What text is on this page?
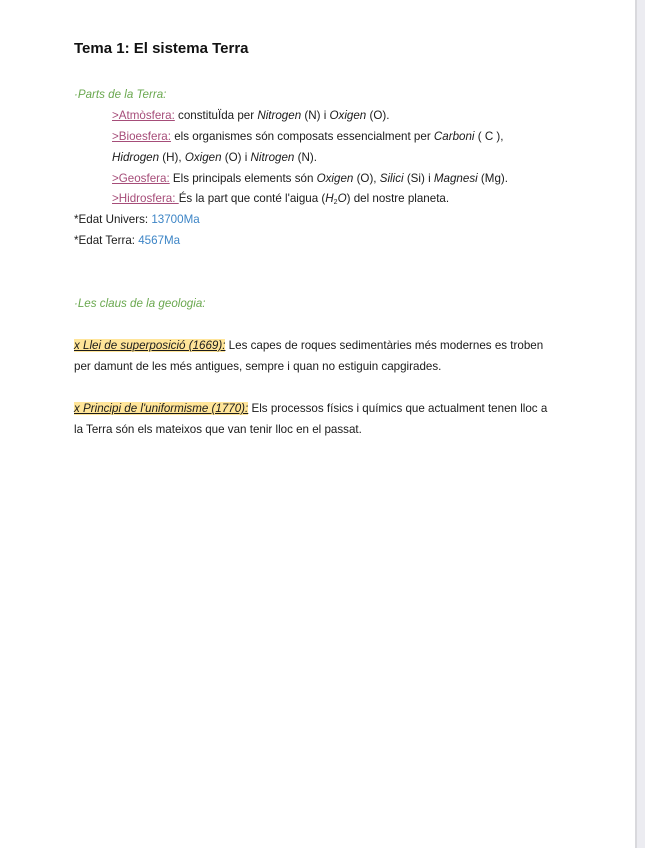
Tema 1: El sistema Terra
·Parts de la Terra:
>Atmòsfera: constituÏda per Nitrogen (N) i Oxigen (O).
>Bioesfera: els organismes són composats essencialment per Carboni ( C ),
Hidrogen (H), Oxigen (O) i Nitrogen (N).
>Geosfera: Els principals elements són Oxigen (O), Silici (Si) i Magnesi (Mg).
>Hidrosfera: És la part que conté l'aigua $(H_2O)$ del nostre planeta.
*Edat Univers: 13700Ma
*Edat Terra: 4567Ma
·Les claus de la geologia:
x Llei de superposició (1669): Les capes de roques sedimentàries més modernes es troben
per damunt de les més antigues, sempre i quan no estiguin capgirades.
x Principi de l'uniformisme (1770): Els processos físics i químics que actualment tenen lloc a
la Terra són els mateixos que van tenir lloc en el passat.
